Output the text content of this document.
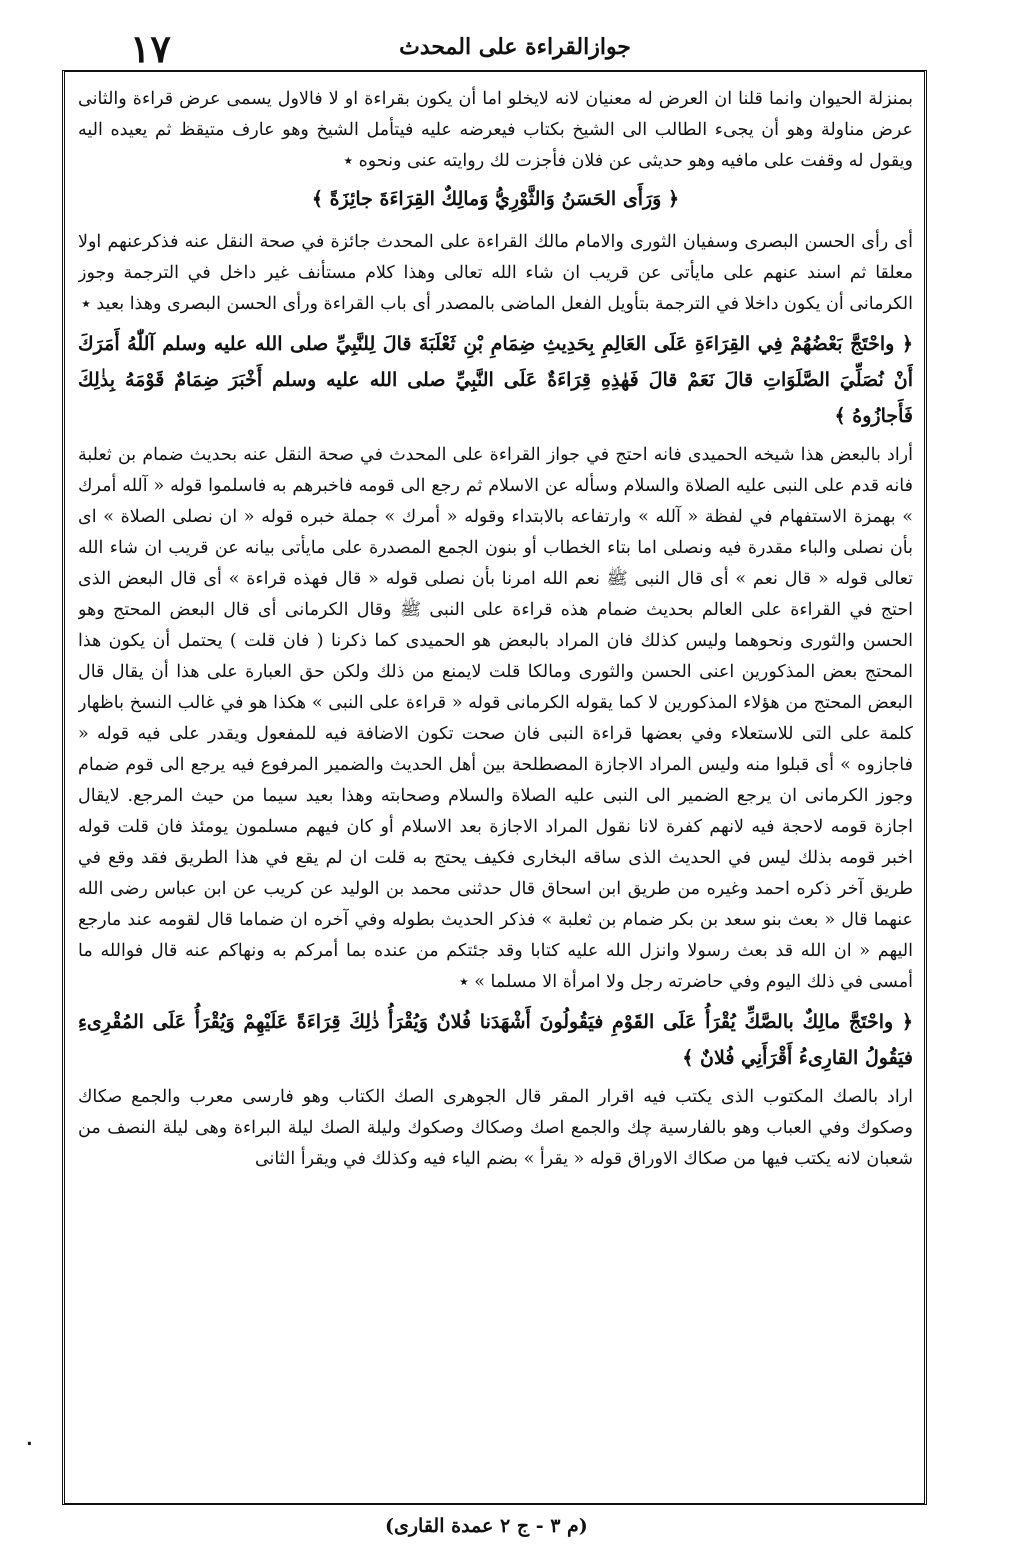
١٧	جوازالقراءة على المحدث

بمنزلة الحيوان وانما قلنا ان العرض له معنيان لانه لايخلو اما أن يكون بقراءة او لا فالاول يسمى عرض قراءة والثانى عرض مناولة وهو أن يجىء الطالب الى الشيخ بكتاب فيعرضه عليه فيتأمل الشيخ وهو عارف متيقظ ثم يعيده اليه ويقول له وقفت على مافيه وهو حديثى عن فلان فأجزت لك روايته عنى ونحوه ٭

﴿ وَرَأَى الحَسَنُ وَالثَّوْرِيُّ وَمالِكٌ القِرَاءَةَ جائِزَةً ﴾

أى رأى الحسن البصرى وسفيان الثورى والامام مالك القراءة على المحدث جائزة في صحة النقل عنه فذكرعنهم اولا معلقا ثم اسند عنهم على مايأتى عن قريب ان شاء الله تعالى وهذا كلام مستأنف غير داخل في الترجمة وجوز الكرمانى أن يكون داخلا في الترجمة بتأويل الفعل الماضى بالمصدر أى باب القراءة ورأى الحسن البصرى وهذا بعيد ٭

﴿ واحْتَجَّ بَعْضُهُمْ فِي القِرَاءَةِ عَلَى العَالِمِ بِحَدِيثِ ضِمَامِ بْنِ ثَعْلَبَةَ قالَ لِلنَّبِيِّ صلى الله عليه وسلم آللّٰهُ أَمَرَكَ أَنْ نُصَلِّيَ الصَّلَوَاتِ قالَ نَعَمْ قالَ فَهٰذِهِ قِرَاءَةٌ عَلَى النَّبِيِّ صلى الله عليه وسلم أَخْبَرَ ضِمَامٌ قَوْمَهُ بِذٰلِكَ فَأَجازُوهُ ﴾

أراد بالبعض هذا شيخه الحميدى فانه احتج في جواز القراءة على المحدث في صحة النقل عنه بحديث ضمام بن ثعلبة فانه قدم على النبى عليه الصلاة والسلام وسأله عن الاسلام ثم رجع الى قومه فاخبرهم به فاسلموا قوله « آلله أمرك » بهمزة الاستفهام في لفظة « آلله » وارتفاعه بالابتداء وقوله « أمرك » جملة خبره قوله « ان نصلى الصلاة » اى بأن نصلى والباء مقدرة فيه ونصلى اما بتاء الخطاب أو بنون الجمع المصدرة على مايأتى بيانه عن قريب ان شاء الله تعالى قوله « قال نعم » أى قال النبى ﷺ نعم الله امرنا بأن نصلى قوله « قال فهذه قراءة » أى قال البعض الذى احتج في القراءة على العالم بحديث ضمام هذه قراءة على النبى ﷺ وقال الكرمانى أى قال البعض المحتج وهو الحسن والثورى ونحوهما وليس كذلك فان المراد بالبعض هو الحميدى كما ذكرنا ( فان قلت ) يحتمل أن يكون هذا المحتج بعض المذكورين اعنى الحسن والثورى ومالكا قلت لايمنع من ذلك ولكن حق العبارة على هذا أن يقال قال البعض المحتج من هؤلاء المذكورين لا كما يقوله الكرمانى قوله « قراءة على النبى » هكذا هو في غالب النسخ باظهار كلمة على التى للاستعلاء وفي بعضها قراءة النبى فان صحت تكون الاضافة فيه للمفعول ويقدر على فيه قوله « فاجازوه » أى قبلوا منه وليس المراد الاجازة المصطلحة بين أهل الحديث والضمير المرفوع فيه يرجع الى قوم ضمام وجوز الكرمانى ان يرجع الضمير الى النبى عليه الصلاة والسلام وصحابته وهذا بعيد سيما من حيث المرجع. لايقال اجازة قومه لاحجة فيه لانهم كفرة لانا نقول المراد الاجازة بعد الاسلام أو كان فيهم مسلمون يومئذ فان قلت قوله اخبر قومه بذلك ليس في الحديث الذى ساقه البخارى فكيف يحتج به قلت ان لم يقع في هذا الطريق فقد وقع في طريق آخر ذكره احمد وغيره من طريق ابن اسحاق قال حدثنى محمد بن الوليد عن كريب عن ابن عباس رضى الله عنهما قال « بعث بنو سعد بن بكر ضمام بن ثعلبة » فذكر الحديث بطوله وفي آخره ان ضماما قال لقومه عند مارجع اليهم « ان الله قد بعث رسولا وانزل الله عليه كتابا وقد جئتكم من عنده بما أمركم به ونهاكم عنه قال فوالله ما أمسى في ذلك اليوم وفي حاضرته رجل ولا امرأة الا مسلما » ٭

﴿ واحْتَجَّ مالِكٌ بالصَّكِّ يُقْرَأُ عَلَى القَوْمِ فيَقُولُونَ أَشْهَدَنا فُلانٌ وَيُقْرَأُ ذٰلِكَ قِرَاءَةً عَلَيْهِمْ وَيُقْرَأُ عَلَى المُقْرِىءِ فيَقُولُ القارِىءُ أَقْرَأَنِي فُلانٌ ﴾

اراد بالصك المكتوب الذى يكتب فيه اقرار المقر قال الجوهرى الصك الكتاب وهو فارسى معرب والجمع صكاك وصكوك وفي العباب وهو بالفارسية چك والجمع اصك وصكاك وصكوك وليلة الصك ليلة البراءة وهى ليلة النصف من شعبان لانه يكتب فيها من صكاك الاوراق قوله « يقرأ » بضم الياء فيه وكذلك في ويقرأ الثانى

٠
(م ٣ - ج ٢ عمدة القارى)
